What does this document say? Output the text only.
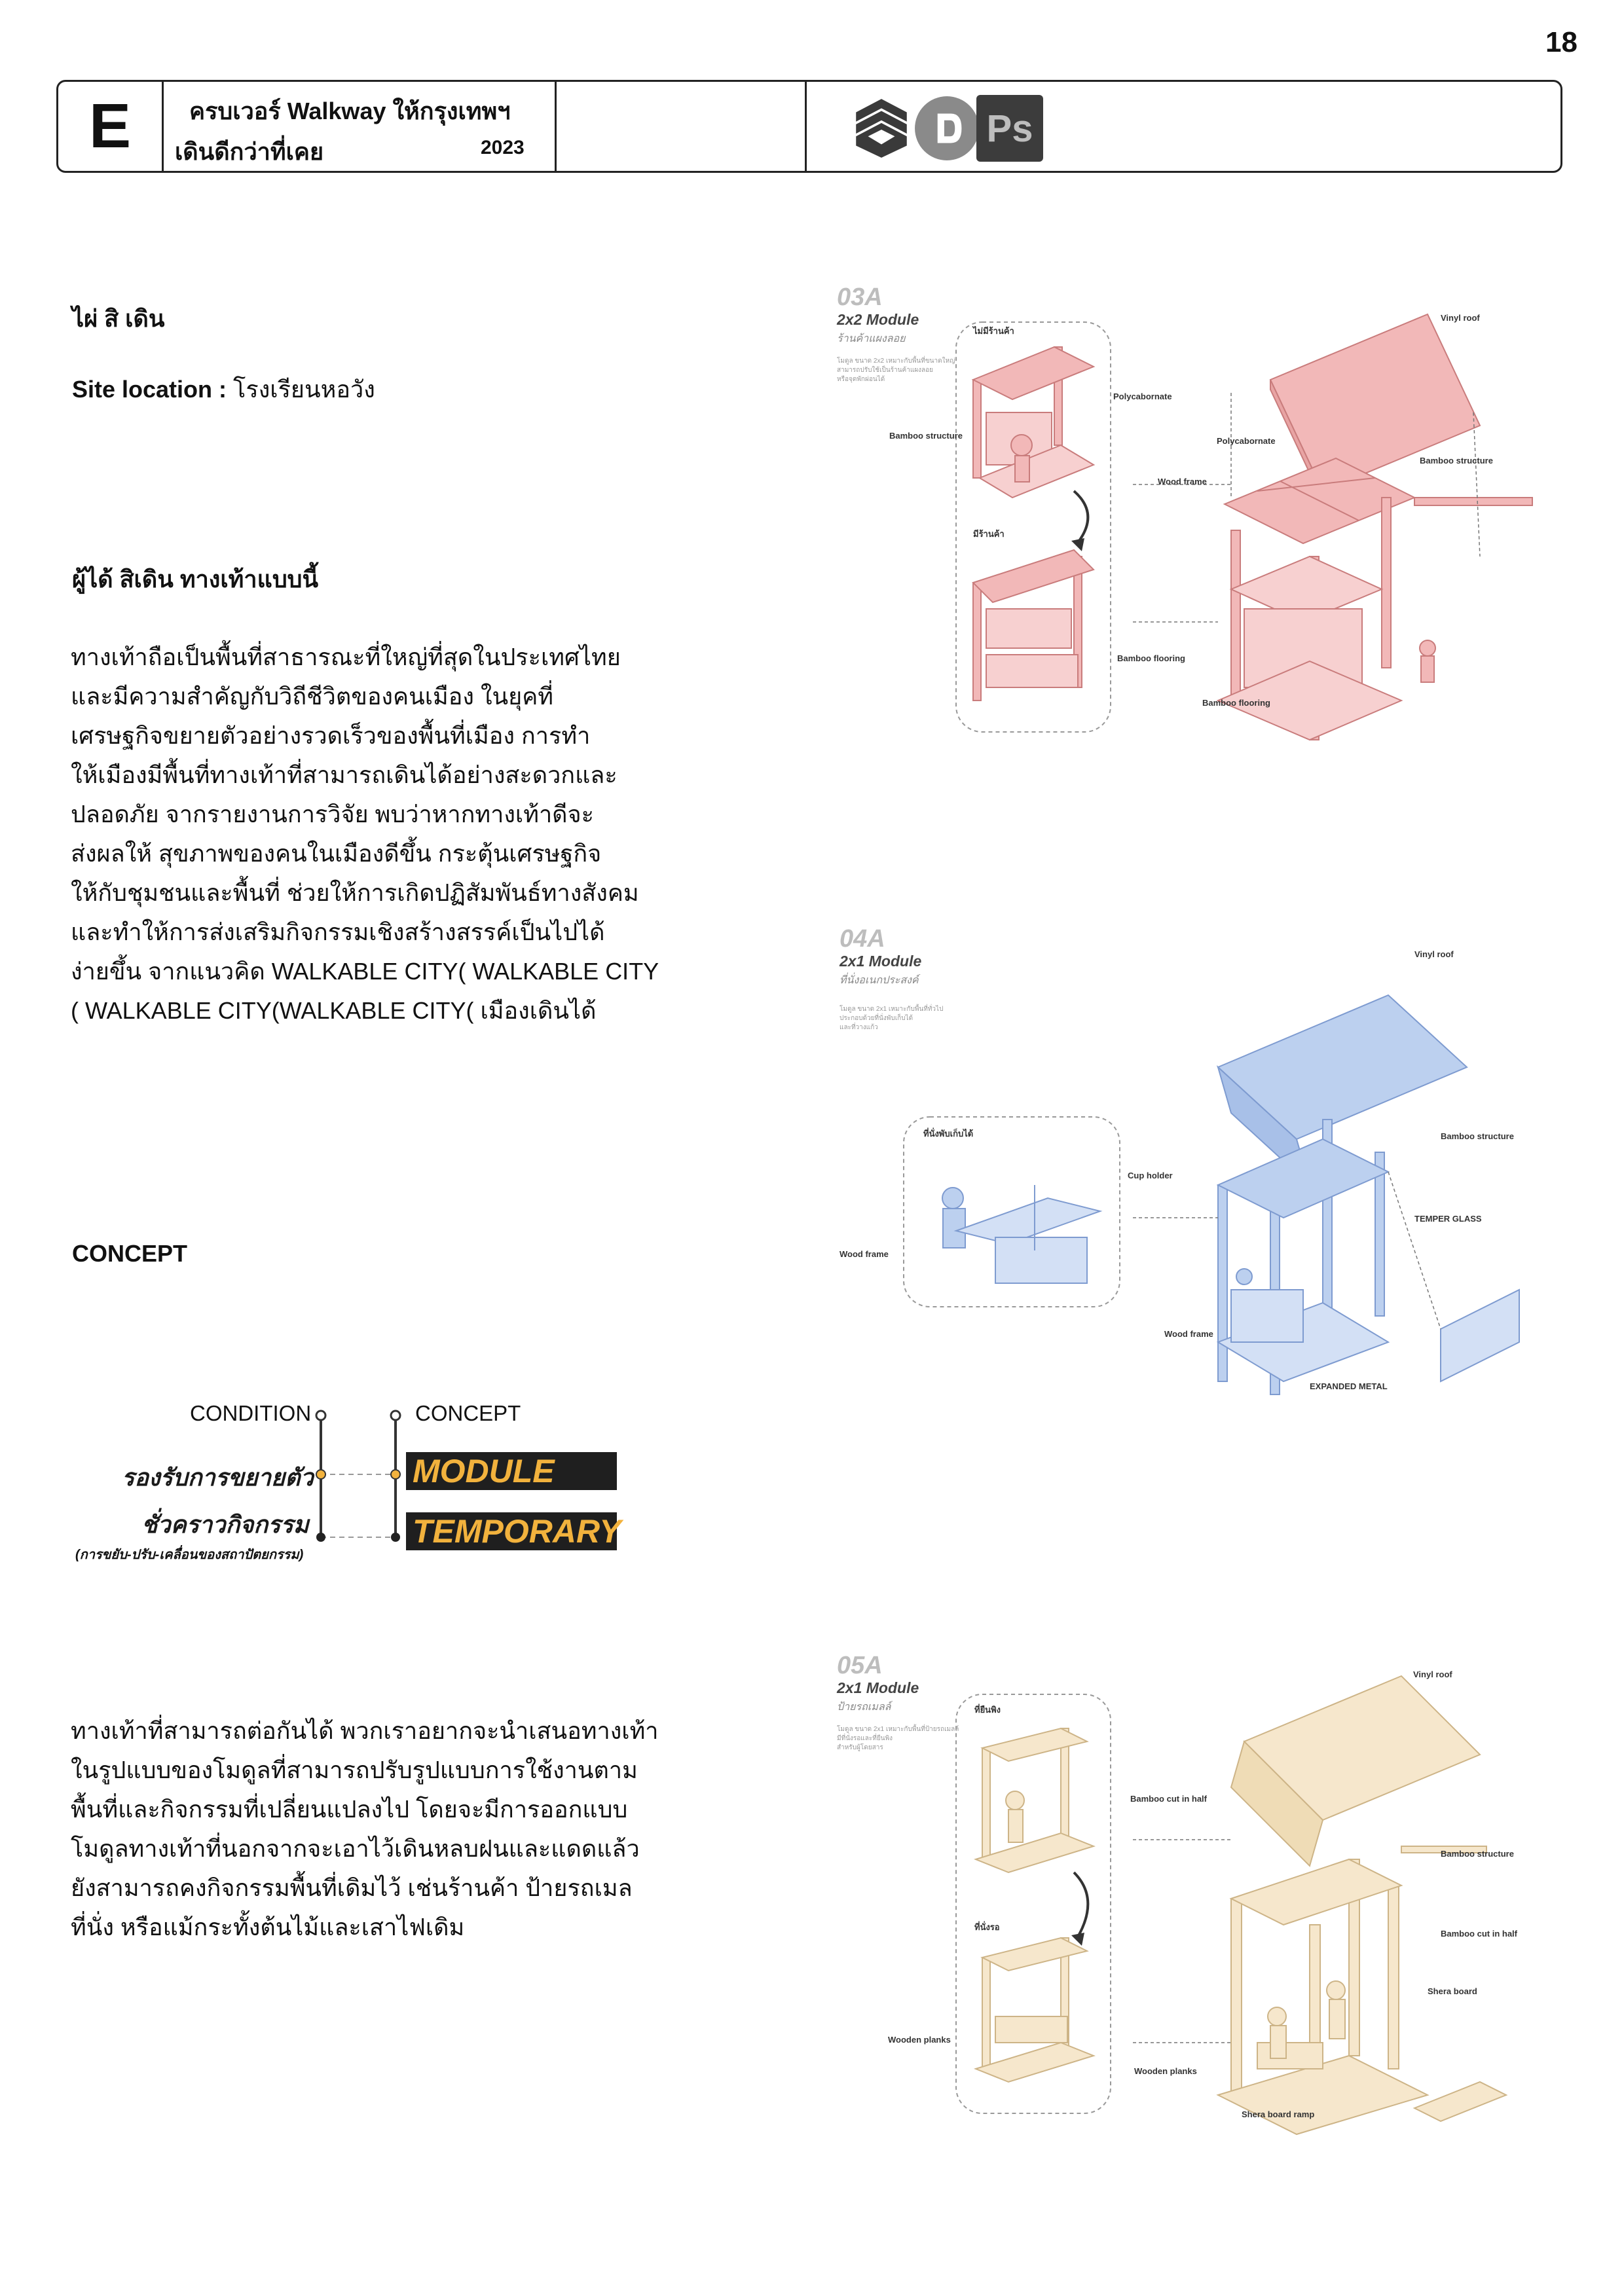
18
E	ครบเวอร์ Walkway ให้กรุงเทพฯ
เดินดีกว่าที่เคย	2023	Ps
ไผ่ สิ เดิน
Site location : โรงเรียนหอวัง
ผู้ได้ สิเดิน ทางเท้าแบบนี้
ทางเท้าถือเป็นพื้นที่สาธารณะที่ใหญ่ที่สุดในประเทศไทย
และมีความสำคัญกับวิถีชีวิตของคนเมือง ในยุคที่
เศรษฐกิจขยายตัวอย่างรวดเร็วของพื้นที่เมือง การทำ
ให้เมืองมีพื้นที่ทางเท้าที่สามารถเดินได้อย่างสะดวกและ
ปลอดภัย จากรายงานการวิจัย พบว่าหากทางเท้าดีจะ
ส่งผลให้ สุขภาพของคนในเมืองดีขึ้น กระตุ้นเศรษฐกิจ
ให้กับชุมชนและพื้นที่ ช่วยให้การเกิดปฏิสัมพันธ์ทางสังคม
และทำให้การส่งเสริมกิจกรรมเชิงสร้างสรรค์เป็นไปได้
ง่ายขึ้น จากแนวคิด WALKABLE CITY( WALKABLE CITY
( WALKABLE CITY(WALKABLE CITY( เมืองเดินได้
CONCEPT
CONDITION	CONCEPT
รองรับการขยายตัว
ชั่วคราวกิจกรรม
(การขยับ-ปรับ-เคลื่อนของสถาปัตยกรรม)
MODULE
TEMPORARY
ทางเท้าที่สามารถต่อกันได้ พวกเราอยากจะนำเสนอทางเท้า
ในรูปแบบของโมดูลที่สามารถปรับรูปแบบการใช้งานตาม
พื้นที่และกิจกรรมที่เปลี่ยนแปลงไป โดยจะมีการออกแบบ
โมดูลทางเท้าที่นอกจากจะเอาไว้เดินหลบฝนและแดดแล้ว
ยังสามารถคงกิจกรรมพื้นที่เดิมไว้ เช่นร้านค้า ป้ายรถเมล
ที่นั่ง หรือแม้กระทั้งต้นไม้และเสาไฟเดิม
03A
2x2 Module
ร้านค้าแผงลอย
โมดูล ขนาด 2x2 เหมาะกับพื้นที่ขนาดใหญ่
สามารถปรับใช้เป็นร้านค้าแผงลอย
หรือจุดพักผ่อนได้
ไม่มีร้านค้า
มีร้านค้า
Vinyl roof
Polycabornate
Polycabornate
Bamboo structure
Bamboo structure
Wood frame
Bamboo flooring
Bamboo flooring
04A
2x1 Module
ที่นั่งอเนกประสงค์
โมดูล ขนาด 2x1 เหมาะกับพื้นที่ทั่วไป
ประกอบด้วยที่นั่งพับเก็บได้
และที่วางแก้ว
ที่นั่งพับเก็บได้
Vinyl roof
Bamboo structure
Cup holder
TEMPER GLASS
Wood frame
Wood frame
EXPANDED METAL
05A
2x1 Module
ป้ายรถเมลล์
โมดูล ขนาด 2x1 เหมาะกับพื้นที่ป้ายรถเมลล์
มีที่นั่งรอและที่ยืนพิง
สำหรับผู้โดยสาร
ที่ยืนพิง
ที่นั่งรอ
Vinyl roof
Bamboo cut in half
Bamboo structure
Bamboo cut in half
Shera board
Wooden planks
Wooden planks
Shera board ramp
